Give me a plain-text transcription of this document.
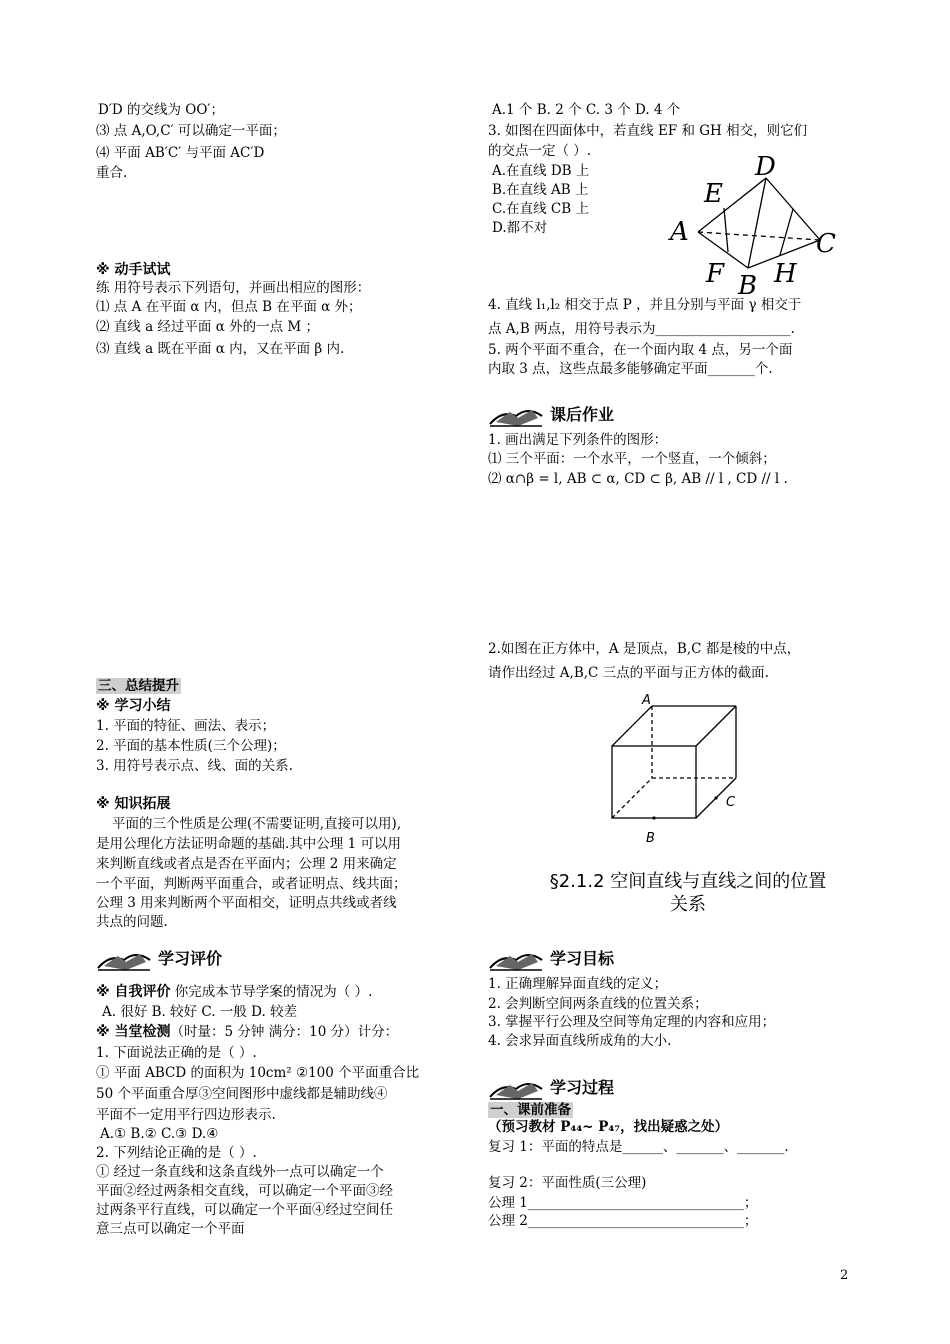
D′D 的交线为 OO′；
⑶ 点 A,O,C′ 可以确定一平面；
⑷ 平面 AB′C′ 与平面 AC′D
重合.
※ 动手试试
练 用符号表示下列语句，并画出相应的图形：
⑴ 点 A 在平面 α 内，但点 B 在平面 α 外；
⑵ 直线 a 经过平面 α 外的一点 M ；
⑶ 直线 a 既在平面 α 内，又在平面 β 内.
三、总结提升
※ 学习小结
1. 平面的特征、画法、表示；
2. 平面的基本性质(三个公理)；
3. 用符号表示点、线、面的关系.
※ 知识拓展
平面的三个性质是公理(不需要证明,直接可以用),
是用公理化方法证明命题的基础.其中公理 1 可以用
来判断直线或者点是否在平面内；公理 2 用来确定
一个平面，判断两平面重合，或者证明点、线共面；
公理 3 用来判断两个平面相交，证明点共线或者线
共点的问题.
学习评价
※ 自我评价 你完成本节导学案的情况为（ ）.
A. 很好 B. 较好 C. 一般 D. 较差
※ 当堂检测（时量：5 分钟 满分：10 分）计分：
1. 下面说法正确的是（ ）.
① 平面 ABCD 的面积为 10cm² ②100 个平面重合比
50 个平面重合厚③空间图形中虚线都是辅助线④
平面不一定用平行四边形表示.
A.① B.② C.③ D.④
2. 下列结论正确的是（ ）.
① 经过一条直线和这条直线外一点可以确定一个
平面②经过两条相交直线，可以确定一个平面③经
过两条平行直线，可以确定一个平面④经过空间任
意三点可以确定一个平面
A.1 个 B. 2 个 C. 3 个 D. 4 个
3. 如图在四面体中，若直线 EF 和 GH 相交，则它们
的交点一定（ ）.
A.在直线 DB 上
B.在直线 AB 上
C.在直线 CB 上
D.都不对
D
E
A	C
F B H
4. 直线 l₁,l₂ 相交于点 P ，并且分别与平面 γ 相交于
点 A,B 两点，用符号表示为____________________.
5. 两个平面不重合，在一个面内取 4 点，另一个面
内取 3 点，这些点最多能够确定平面_______个.
课后作业
1. 画出满足下列条件的图形：
⑴ 三个平面：一个水平，一个竖直，一个倾斜；
⑵ α∩β = l, AB ⊂ α, CD ⊂ β, AB // l , CD // l .
2.如图在正方体中，A 是顶点，B,C 都是棱的中点，
请作出经过 A,B,C 三点的平面与正方体的截面.
A
B
C
§2.1.2 空间直线与直线之间的位置
关系
学习目标
1. 正确理解异面直线的定义；
2. 会判断空间两条直线的位置关系；
3. 掌握平行公理及空间等角定理的内容和应用；
4. 会求异面直线所成角的大小.
学习过程
一、课前准备
（预习教材 P₄₄~ P₄₇，找出疑惑之处）
复习 1：平面的特点是______、_______、_______.
复习 2：平面性质(三公理)
公理 1________________________________；
公理 2________________________________；
2
